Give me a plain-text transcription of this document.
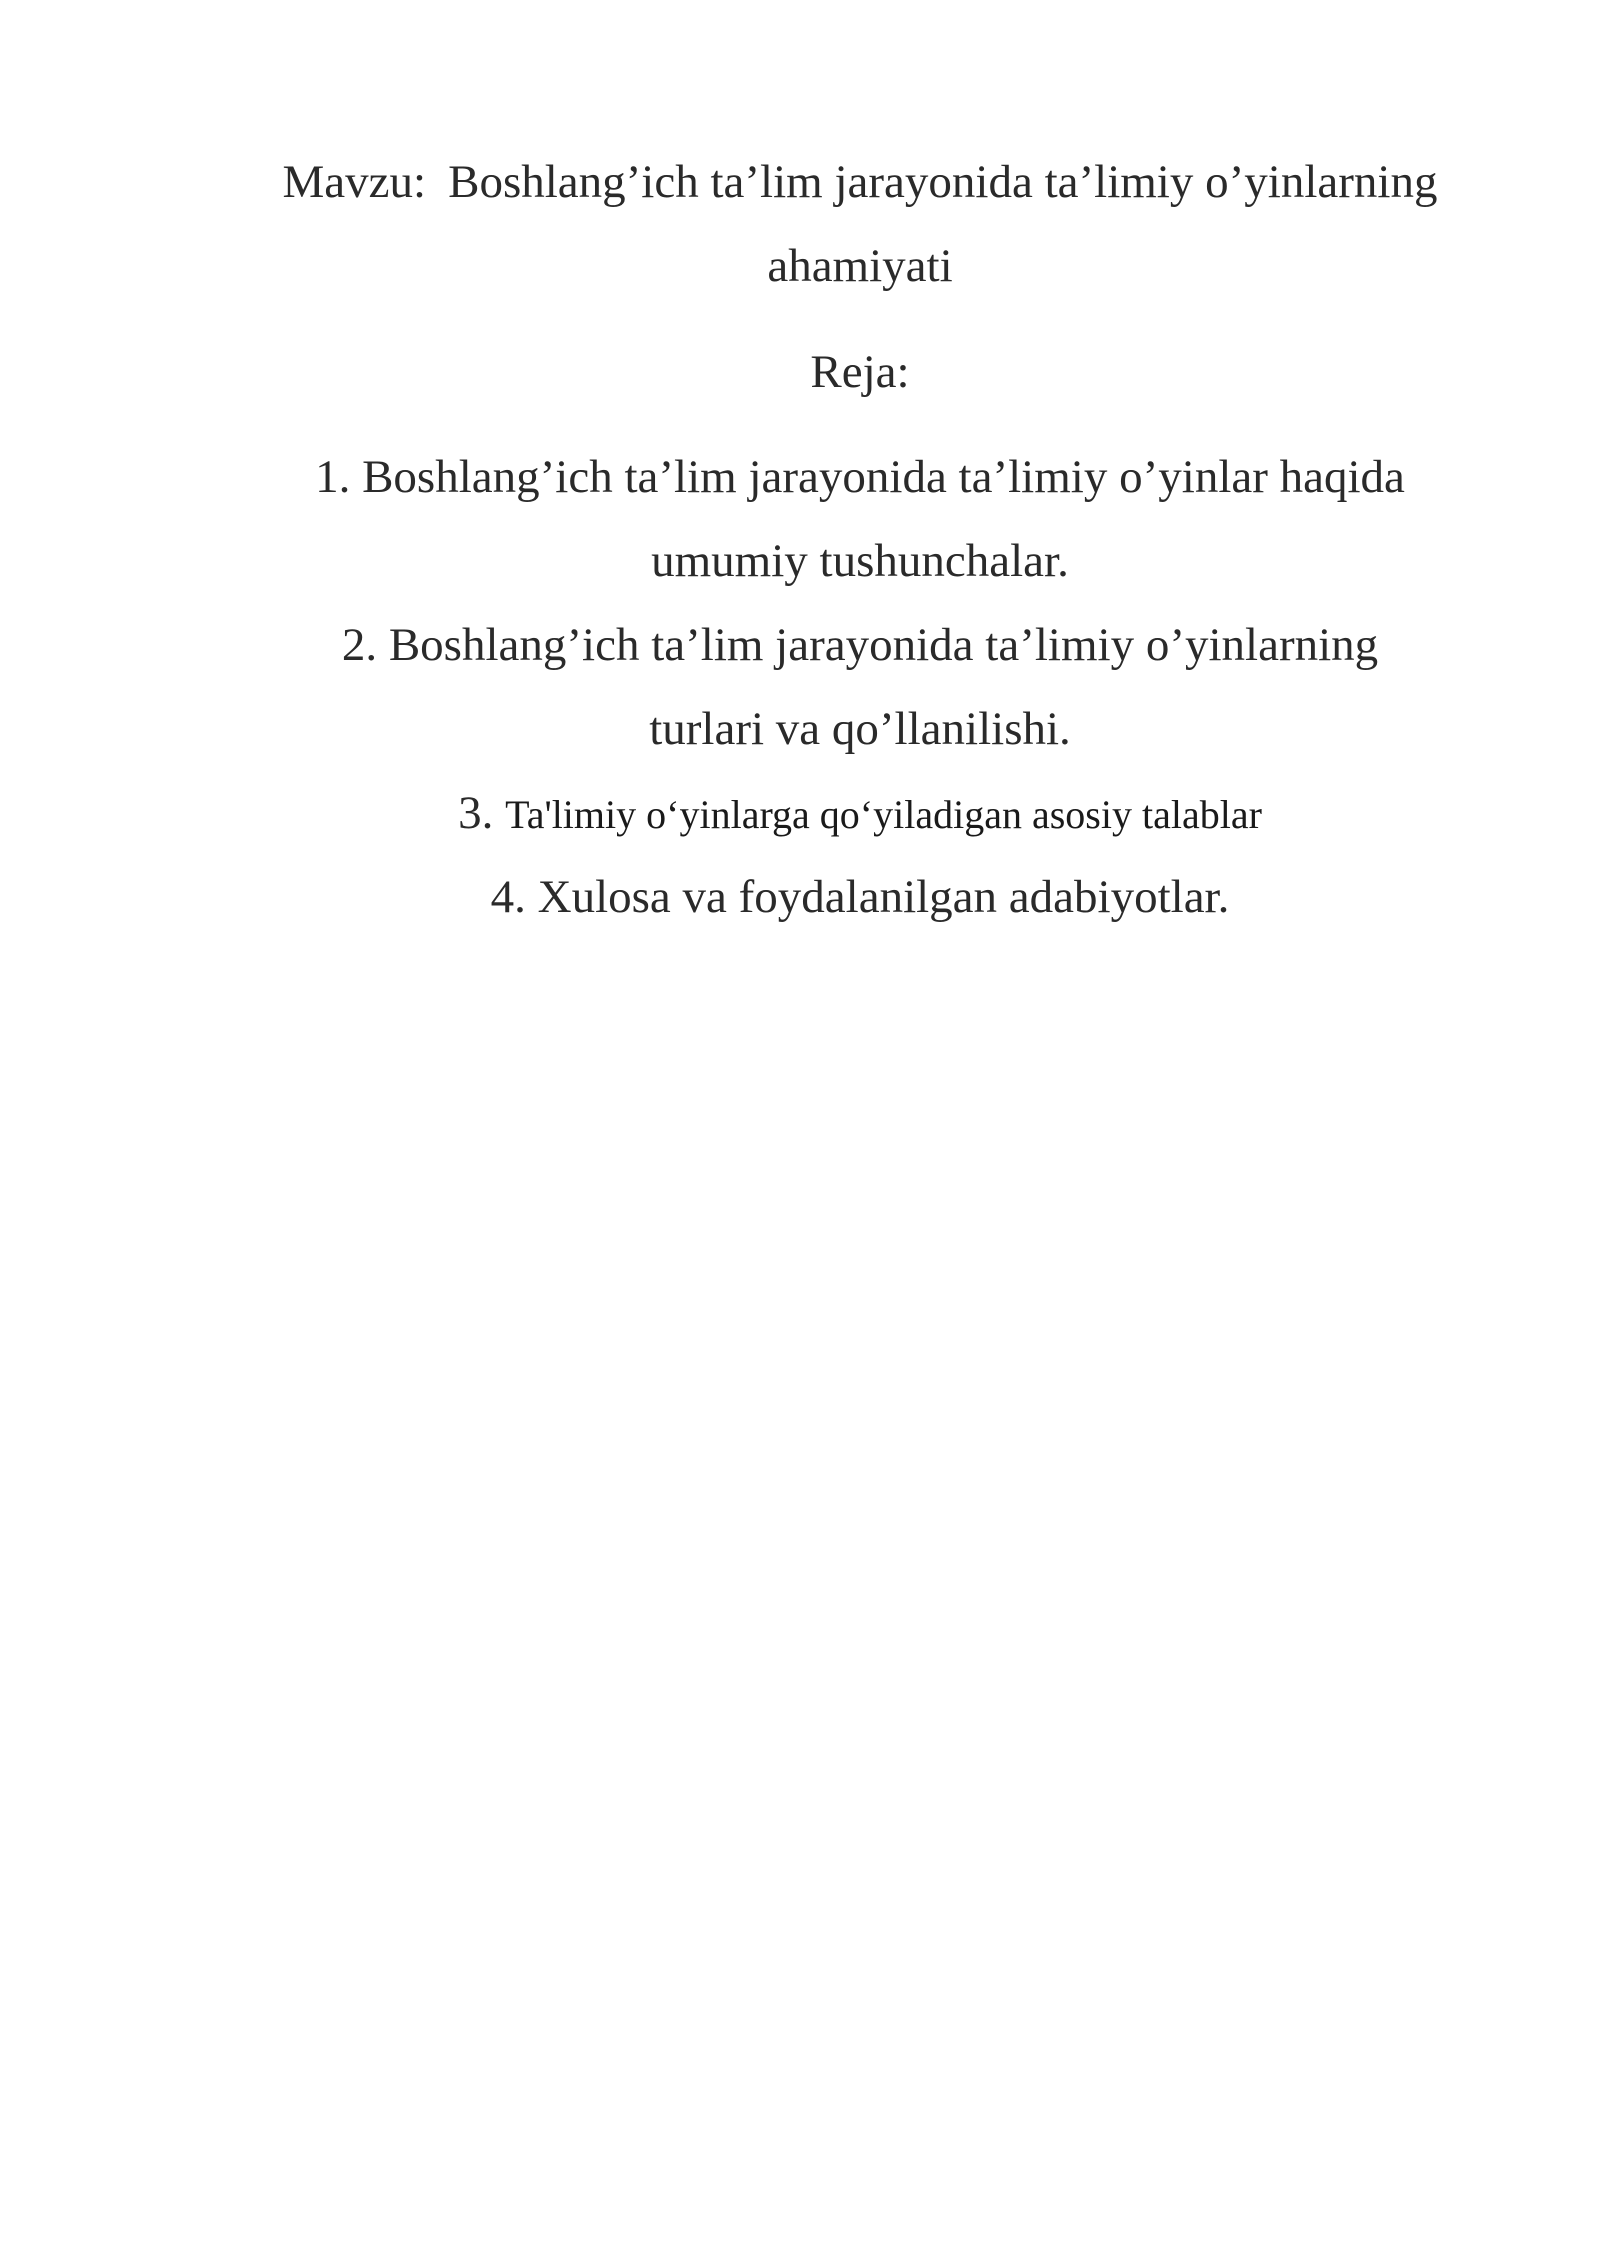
Mavzu: Boshlang’ich ta’lim jarayonida ta’limiy o’yinlarning
ahamiyati
Reja:
1. Boshlang’ich ta’lim jarayonida ta’limiy o’yinlar haqida
umumiy tushunchalar.
2. Boshlang’ich ta’lim jarayonida ta’limiy o’yinlarning
turlari va qo’llanilishi.
3. Ta'limiy o‘yinlarga qo‘yiladigan asosiy talablar
4. Xulosa va foydalanilgan adabiyotlar.
